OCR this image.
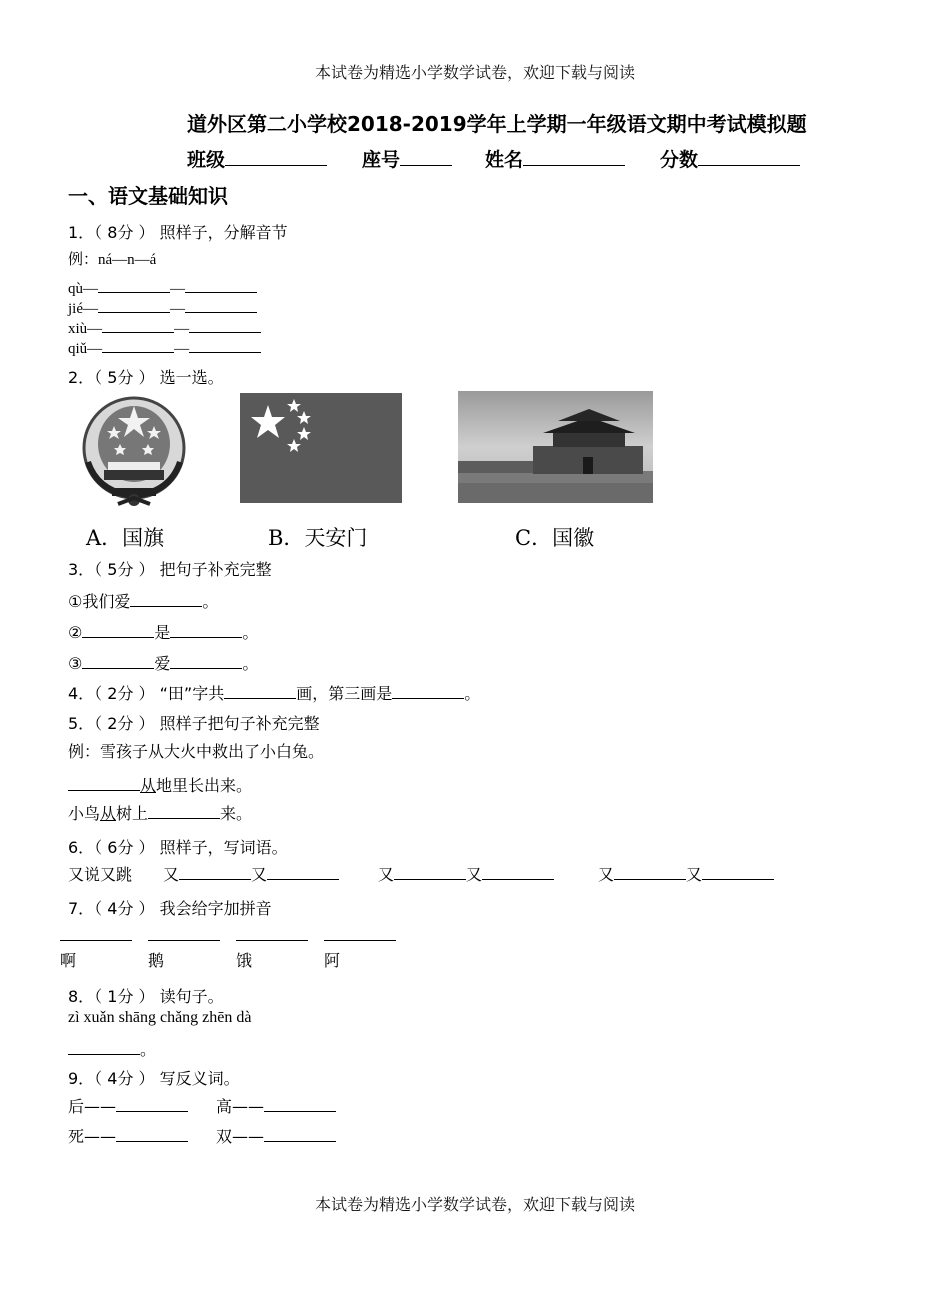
本试卷为精选小学数学试卷，欢迎下载与阅读
道外区第二小学校2018-2019学年上学期一年级语文期中考试模拟题
班级	座号	姓名	分数
一、语文基础知识
1．（ 8分 ） 照样子，分解音节
例：ná—n—á
qù—	—
jié—	—
xiù—	—
qiǔ—	—
2．（ 5分 ） 选一选。
A．国旗	B．天安门	C．国徽
3．（ 5分 ） 把句子补充完整
①我们爱	。
②	是	。
③	爱	。
4．（ 2分 ） “田”字共	画，第三画是	。
5．（ 2分 ） 照样子把句子补充完整
例：雪孩子从大火中救出了小白兔。
从地里长出来。
小鸟从树上	来。
6．（ 6分 ） 照样子，写词语。
又说又跳 又	又	又	又	又	又
7．（ 4分 ） 我会给字加拼音
啊	鹅	饿	阿
8．（ 1分 ） 读句子。
zì xuǎn shāng chǎng zhēn dà
。
9．（ 4分 ） 写反义词。
后——	高——
死——	双——
本试卷为精选小学数学试卷，欢迎下载与阅读
